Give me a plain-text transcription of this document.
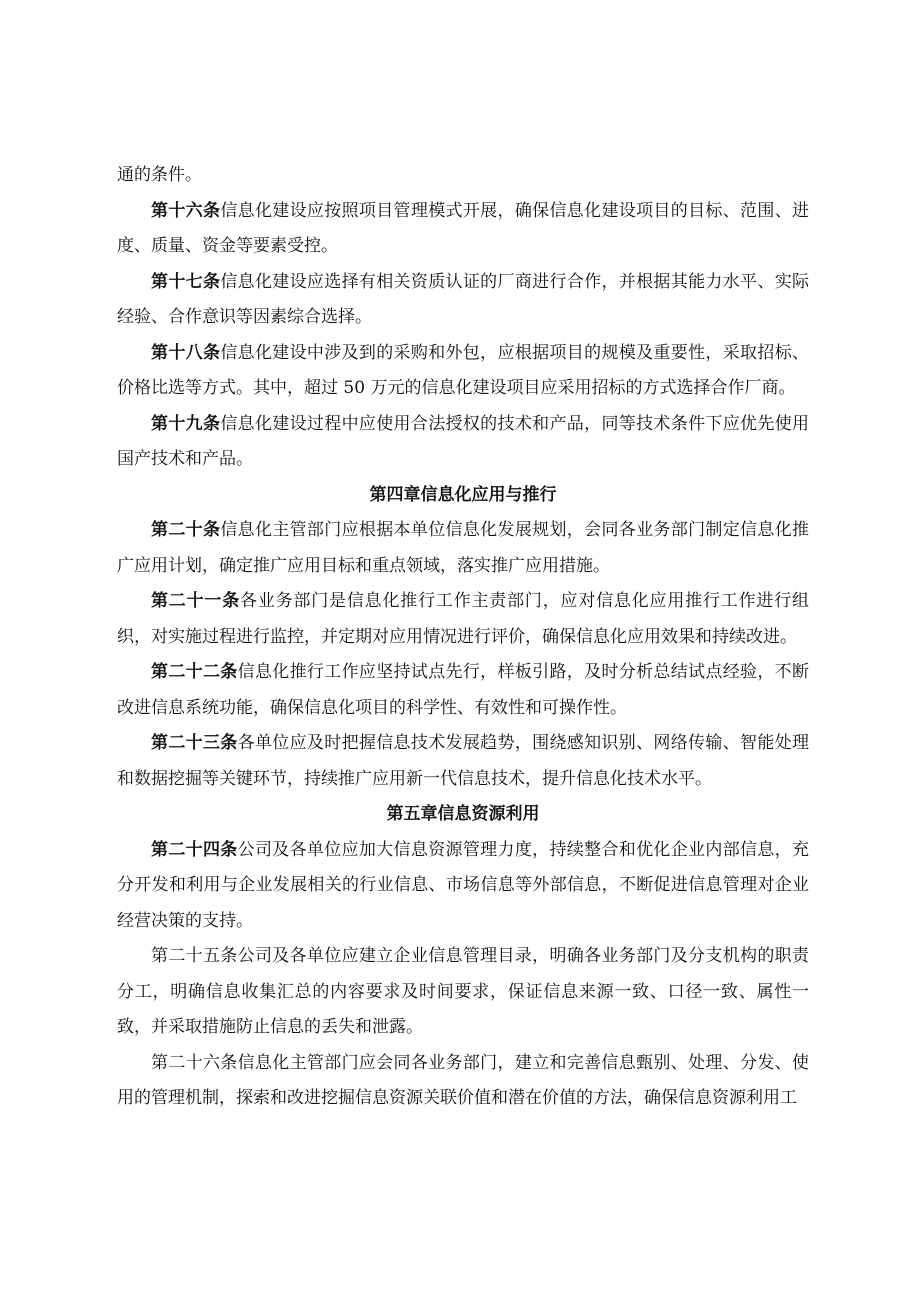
通的条件。

第十六条信息化建设应按照项目管理模式开展，确保信息化建设项目的目标、范围、进度、质量、资金等要素受控。

第十七条信息化建设应选择有相关资质认证的厂商进行合作，并根据其能力水平、实际经验、合作意识等因素综合选择。

第十八条信息化建设中涉及到的采购和外包，应根据项目的规模及重要性，采取招标、价格比选等方式。其中，超过 50 万元的信息化建设项目应采用招标的方式选择合作厂商。

第十九条信息化建设过程中应使用合法授权的技术和产品，同等技术条件下应优先使用国产技术和产品。

第四章信息化应用与推行

第二十条信息化主管部门应根据本单位信息化发展规划，会同各业务部门制定信息化推广应用计划，确定推广应用目标和重点领域，落实推广应用措施。

第二十一条各业务部门是信息化推行工作主责部门，应对信息化应用推行工作进行组织，对实施过程进行监控，并定期对应用情况进行评价，确保信息化应用效果和持续改进。

第二十二条信息化推行工作应坚持试点先行，样板引路，及时分析总结试点经验，不断改进信息系统功能，确保信息化项目的科学性、有效性和可操作性。

第二十三条各单位应及时把握信息技术发展趋势，围绕感知识别、网络传输、智能处理和数据挖掘等关键环节，持续推广应用新一代信息技术，提升信息化技术水平。

第五章信息资源利用

第二十四条公司及各单位应加大信息资源管理力度，持续整合和优化企业内部信息，充分开发和利用与企业发展相关的行业信息、市场信息等外部信息，不断促进信息管理对企业经营决策的支持。

第二十五条公司及各单位应建立企业信息管理目录，明确各业务部门及分支机构的职责分工，明确信息收集汇总的内容要求及时间要求，保证信息来源一致、口径一致、属性一致，并采取措施防止信息的丢失和泄露。

第二十六条信息化主管部门应会同各业务部门，建立和完善信息甄别、处理、分发、使用的管理机制，探索和改进挖掘信息资源关联价值和潜在价值的方法，确保信息资源利用工
